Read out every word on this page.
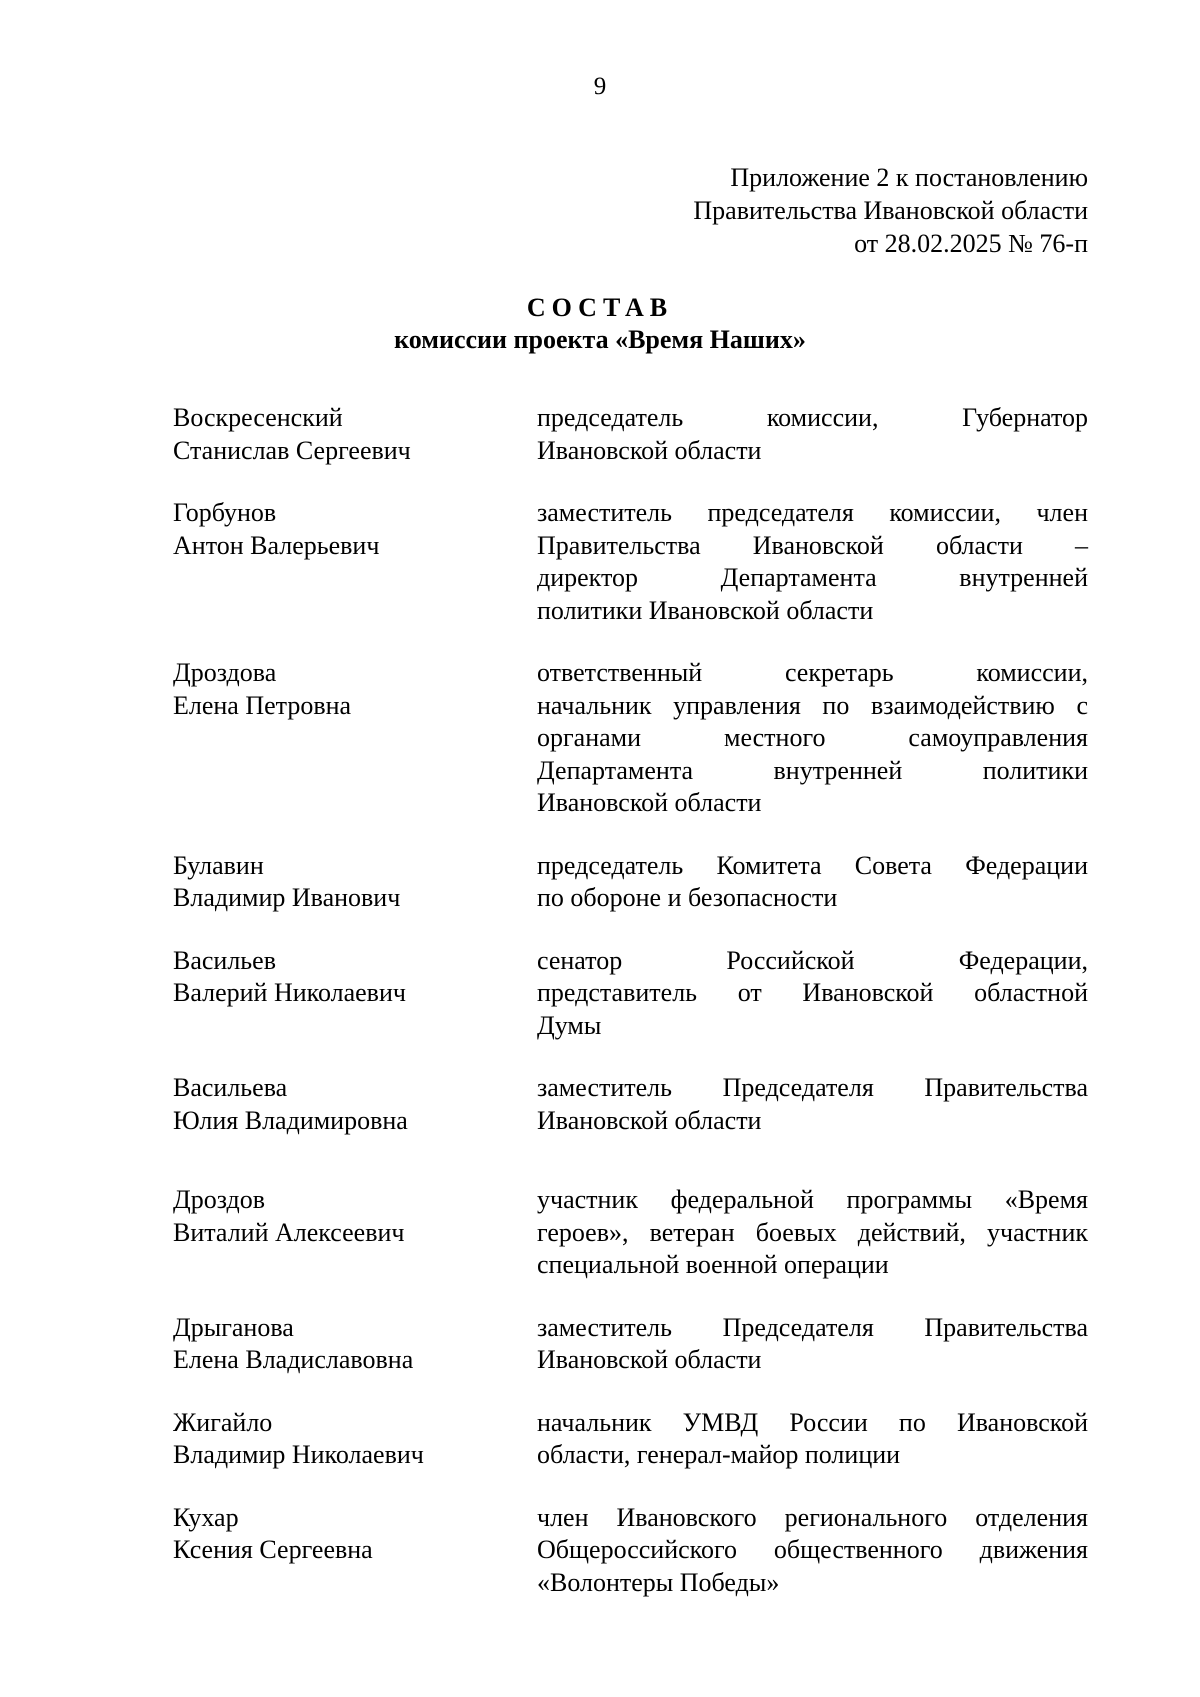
9
Приложение 2 к постановлению
Правительства Ивановской области
от 28.02.2025 № 76-п
СОСТАВ
комиссии проекта «Время Наших»
Воскресенский
Станислав Сергеевич
председатель комиссии, Губернатор
Ивановской области
Горбунов
Антон Валерьевич
заместитель председателя комиссии, член
Правительства Ивановской области –
директор Департамента внутренней
политики Ивановской области
Дроздова
Елена Петровна
ответственный секретарь комиссии,
начальник управления по взаимодействию с
органами местного самоуправления
Департамента внутренней политики
Ивановской области
Булавин
Владимир Иванович
председатель Комитета Совета Федерации
по обороне и безопасности
Васильев
Валерий Николаевич
сенатор Российской Федерации,
представитель от Ивановской областной
Думы
Васильева
Юлия Владимировна
заместитель Председателя Правительства
Ивановской области
Дроздов
Виталий Алексеевич
участник федеральной программы «Время
героев», ветеран боевых действий, участник
специальной военной операции
Дрыганова
Елена Владиславовна
заместитель Председателя Правительства
Ивановской области
Жигайло
Владимир Николаевич
начальник УМВД России по Ивановской
области, генерал-майор полиции
Кухар
Ксения Сергеевна
член Ивановского регионального отделения
Общероссийского общественного движения
«Волонтеры Победы»
